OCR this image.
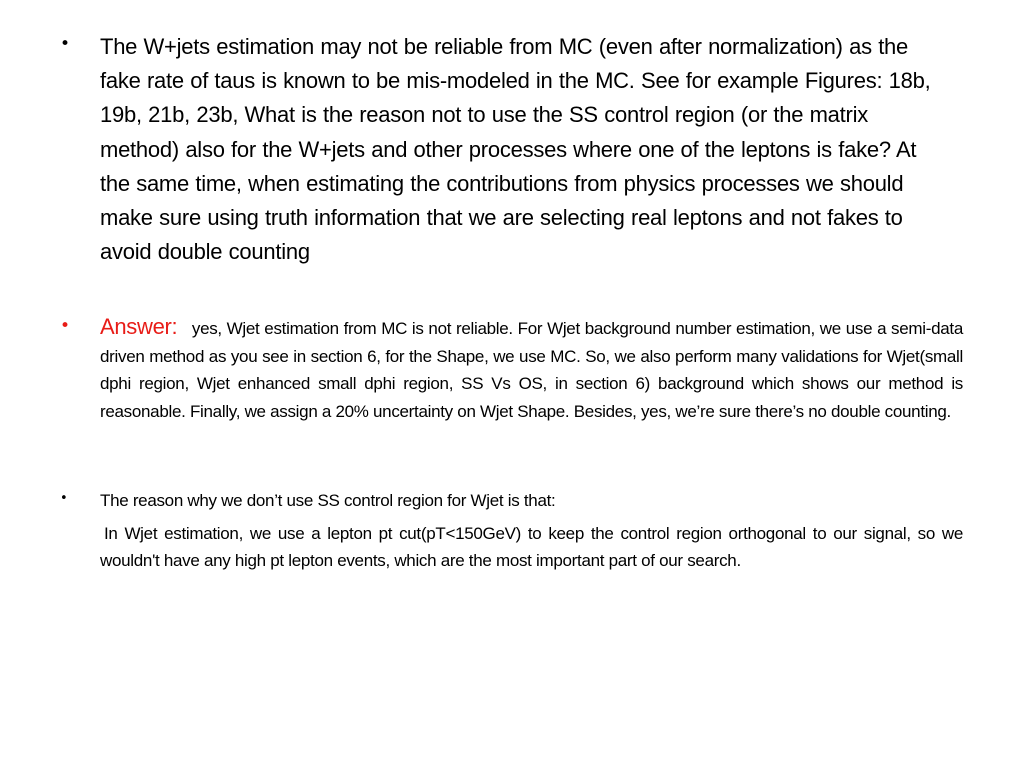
• The W+jets estimation may not be reliable from MC (even after normalization) as the fake rate of taus is known to be mis-modeled in the MC. See for example Figures: 18b, 19b, 21b, 23b, What is the reason not to use the SS control region (or the matrix method) also for the W+jets and other processes where one of the leptons is fake? At the same time, when estimating the contributions from physics processes we should make sure using truth information that we are selecting real leptons and not fakes to avoid double counting

• Answer: yes, Wjet estimation from MC is not reliable. For Wjet background number estimation, we use a semi-data driven method as you see in section 6, for the Shape, we use MC. So, we also perform many validations for Wjet(small dphi region, Wjet enhanced small dphi region, SS Vs OS, in section 6) background which shows our method is reasonable. Finally, we assign a 20% uncertainty on Wjet Shape. Besides, yes, we’re sure there’s no double counting.

• The reason why we don’t use SS control region for Wjet is that:

In Wjet estimation, we use a lepton pt cut(pT<150GeV) to keep the control region orthogonal to our signal, so we wouldn't have any high pt lepton events, which are the most important part of our search.
